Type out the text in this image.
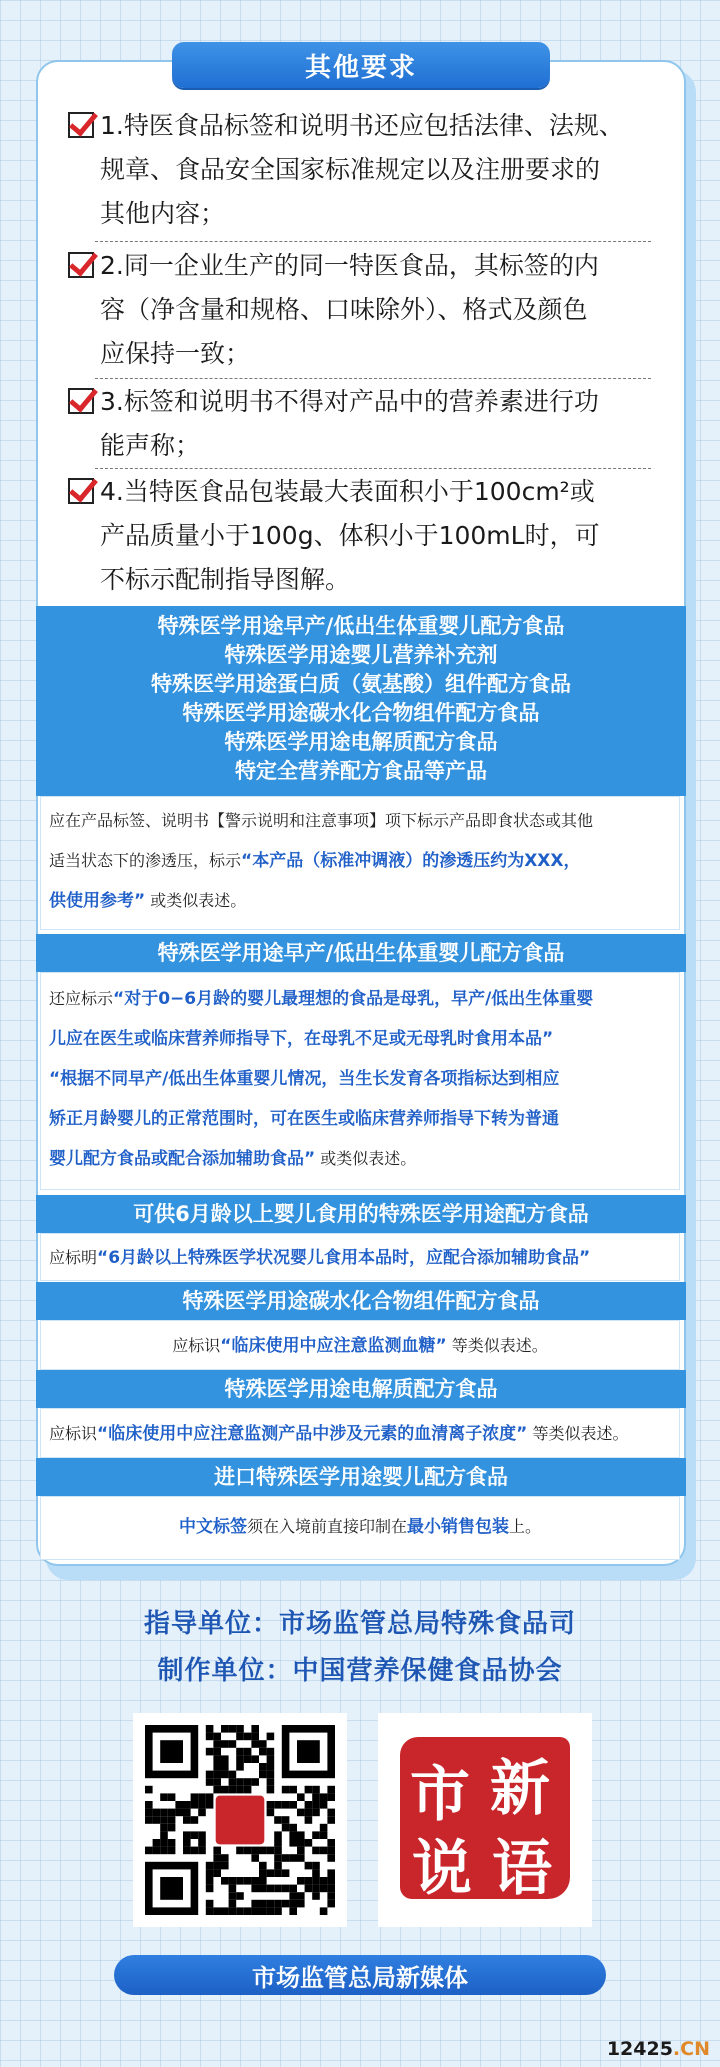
其他要求
1.特医食品标签和说明书还应包括法律、法规、
规章、食品安全国家标准规定以及注册要求的
其他内容；
2.同一企业生产的同一特医食品，其标签的内
容（净含量和规格、口味除外）、格式及颜色
应保持一致；
3.标签和说明书不得对产品中的营养素进行功
能声称；
4.当特医食品包装最大表面积小于100cm²或
产品质量小于100g、体积小于100mL时，可
不标示配制指导图解。
特殊医学用途早产/低出生体重婴儿配方食品
特殊医学用途婴儿营养补充剂
特殊医学用途蛋白质（氨基酸）组件配方食品
特殊医学用途碳水化合物组件配方食品
特殊医学用途电解质配方食品
特定全营养配方食品等产品
应在产品标签、说明书【警示说明和注意事项】项下标示产品即食状态或其他
适当状态下的渗透压，标示“本产品（标准冲调液）的渗透压约为XXX，
供使用参考” 或类似表述。
特殊医学用途早产/低出生体重婴儿配方食品
还应标示“对于0−6月龄的婴儿最理想的食品是母乳，早产/低出生体重婴
儿应在医生或临床营养师指导下，在母乳不足或无母乳时食用本品”
“根据不同早产/低出生体重婴儿情况，当生长发育各项指标达到相应
矫正月龄婴儿的正常范围时，可在医生或临床营养师指导下转为普通
婴儿配方食品或配合添加辅助食品” 或类似表述。
可供6月龄以上婴儿食用的特殊医学用途配方食品
应标明“6月龄以上特殊医学状况婴儿食用本品时，应配合添加辅助食品”
特殊医学用途碳水化合物组件配方食品
应标识“临床使用中应注意监测血糖” 等类似表述。
特殊医学用途电解质配方食品
应标识“临床使用中应注意监测产品中涉及元素的血清离子浓度” 等类似表述。
进口特殊医学用途婴儿配方食品
中文标签须在入境前直接印制在最小销售包装上。
指导单位：市场监管总局特殊食品司
制作单位：中国营养保健食品协会
市 新
说 语
市场监管总局新媒体
12425.CN
